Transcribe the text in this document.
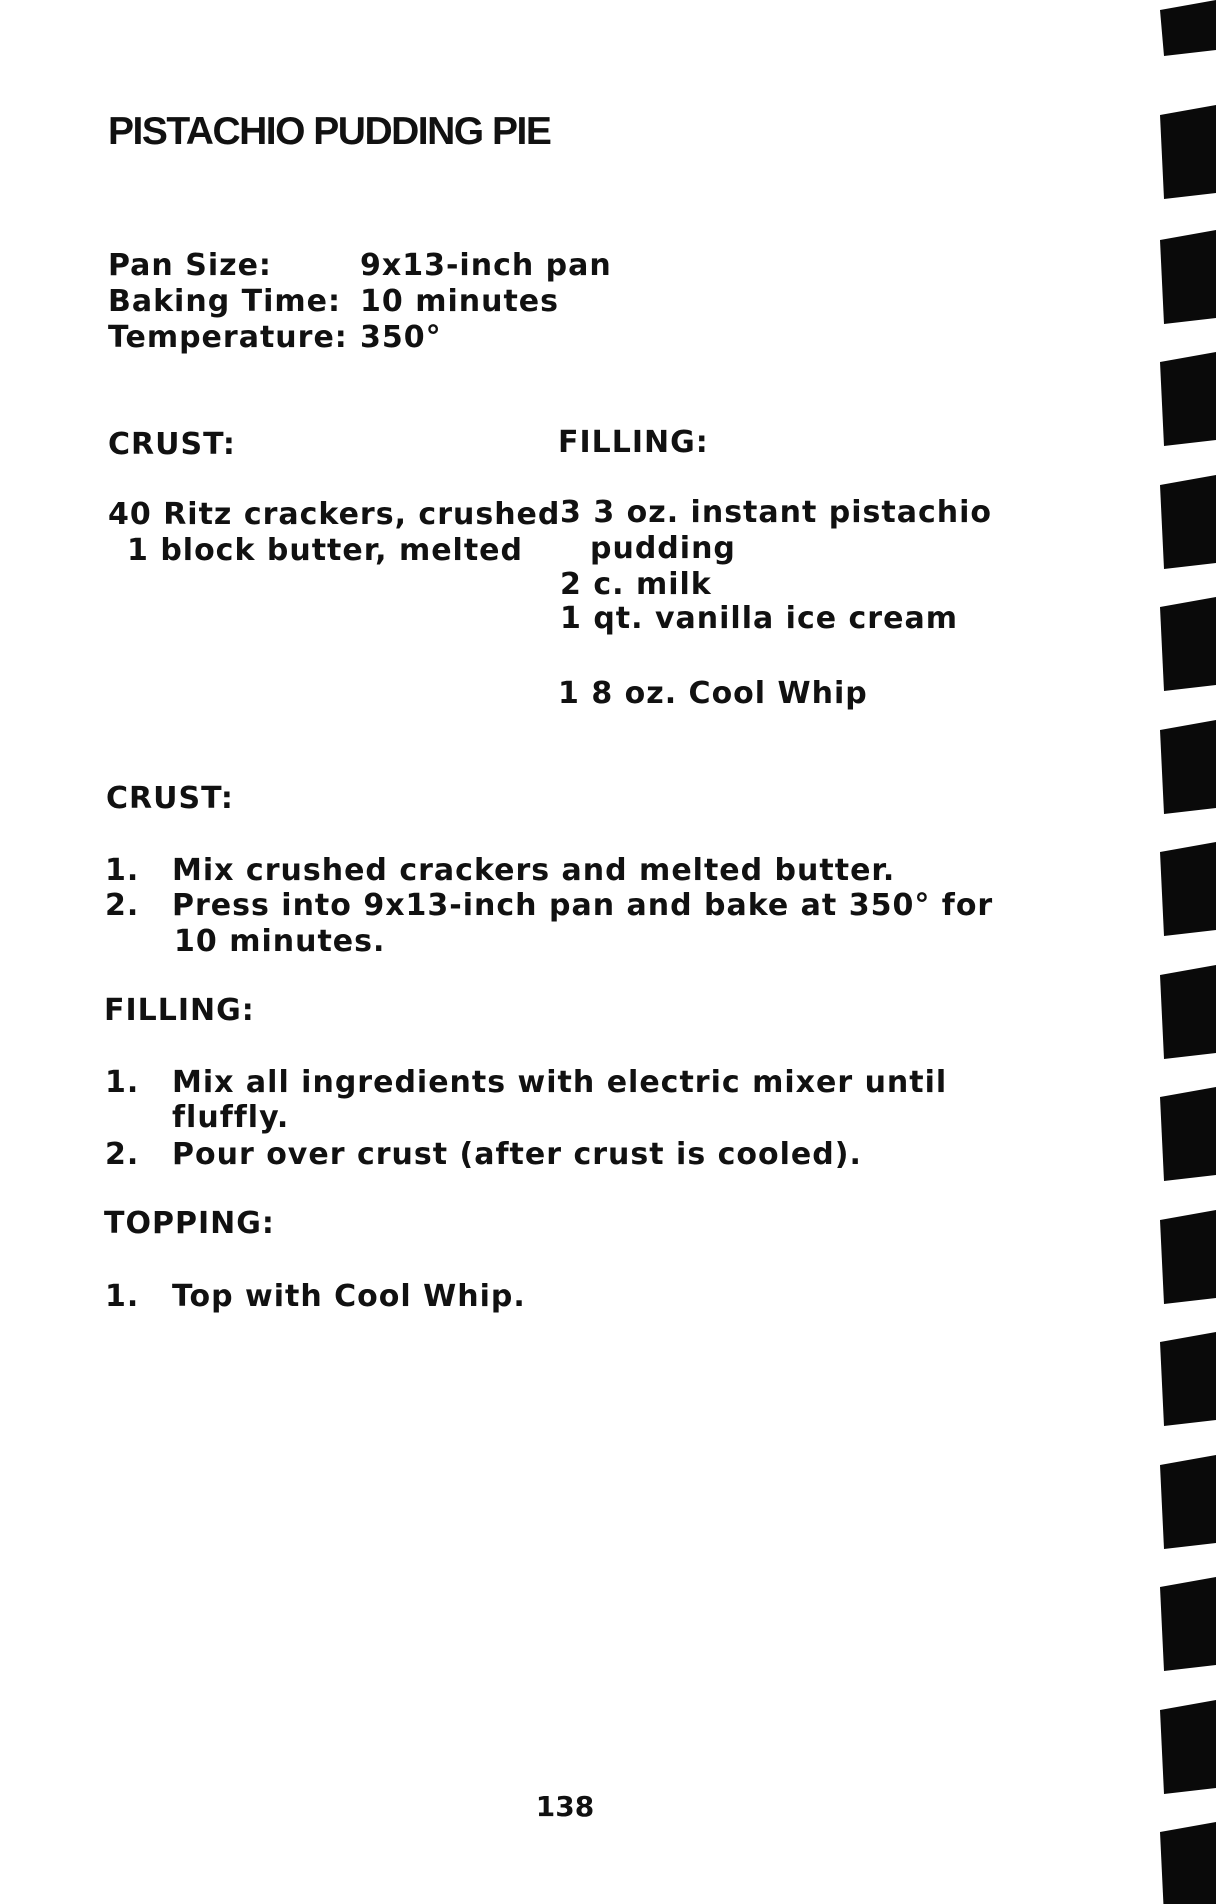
PISTACHIO PUDDING PIE
Pan Size:	9x13-inch pan
Baking Time: 10 minutes
Temperature: 350°
CRUST:	FILLING:
40 Ritz crackers, crushed
1 block butter, melted
3 3 oz. instant pistachio
pudding
2 c. milk
1 qt. vanilla ice cream
1 8 oz. Cool Whip
CRUST:
1. Mix crushed crackers and melted butter.
2. Press into 9x13-inch pan and bake at 350° for
10 minutes.
FILLING:
1. Mix all ingredients with electric mixer until
fluffly.
2. Pour over crust (after crust is cooled).
TOPPING:
1. Top with Cool Whip.
138
